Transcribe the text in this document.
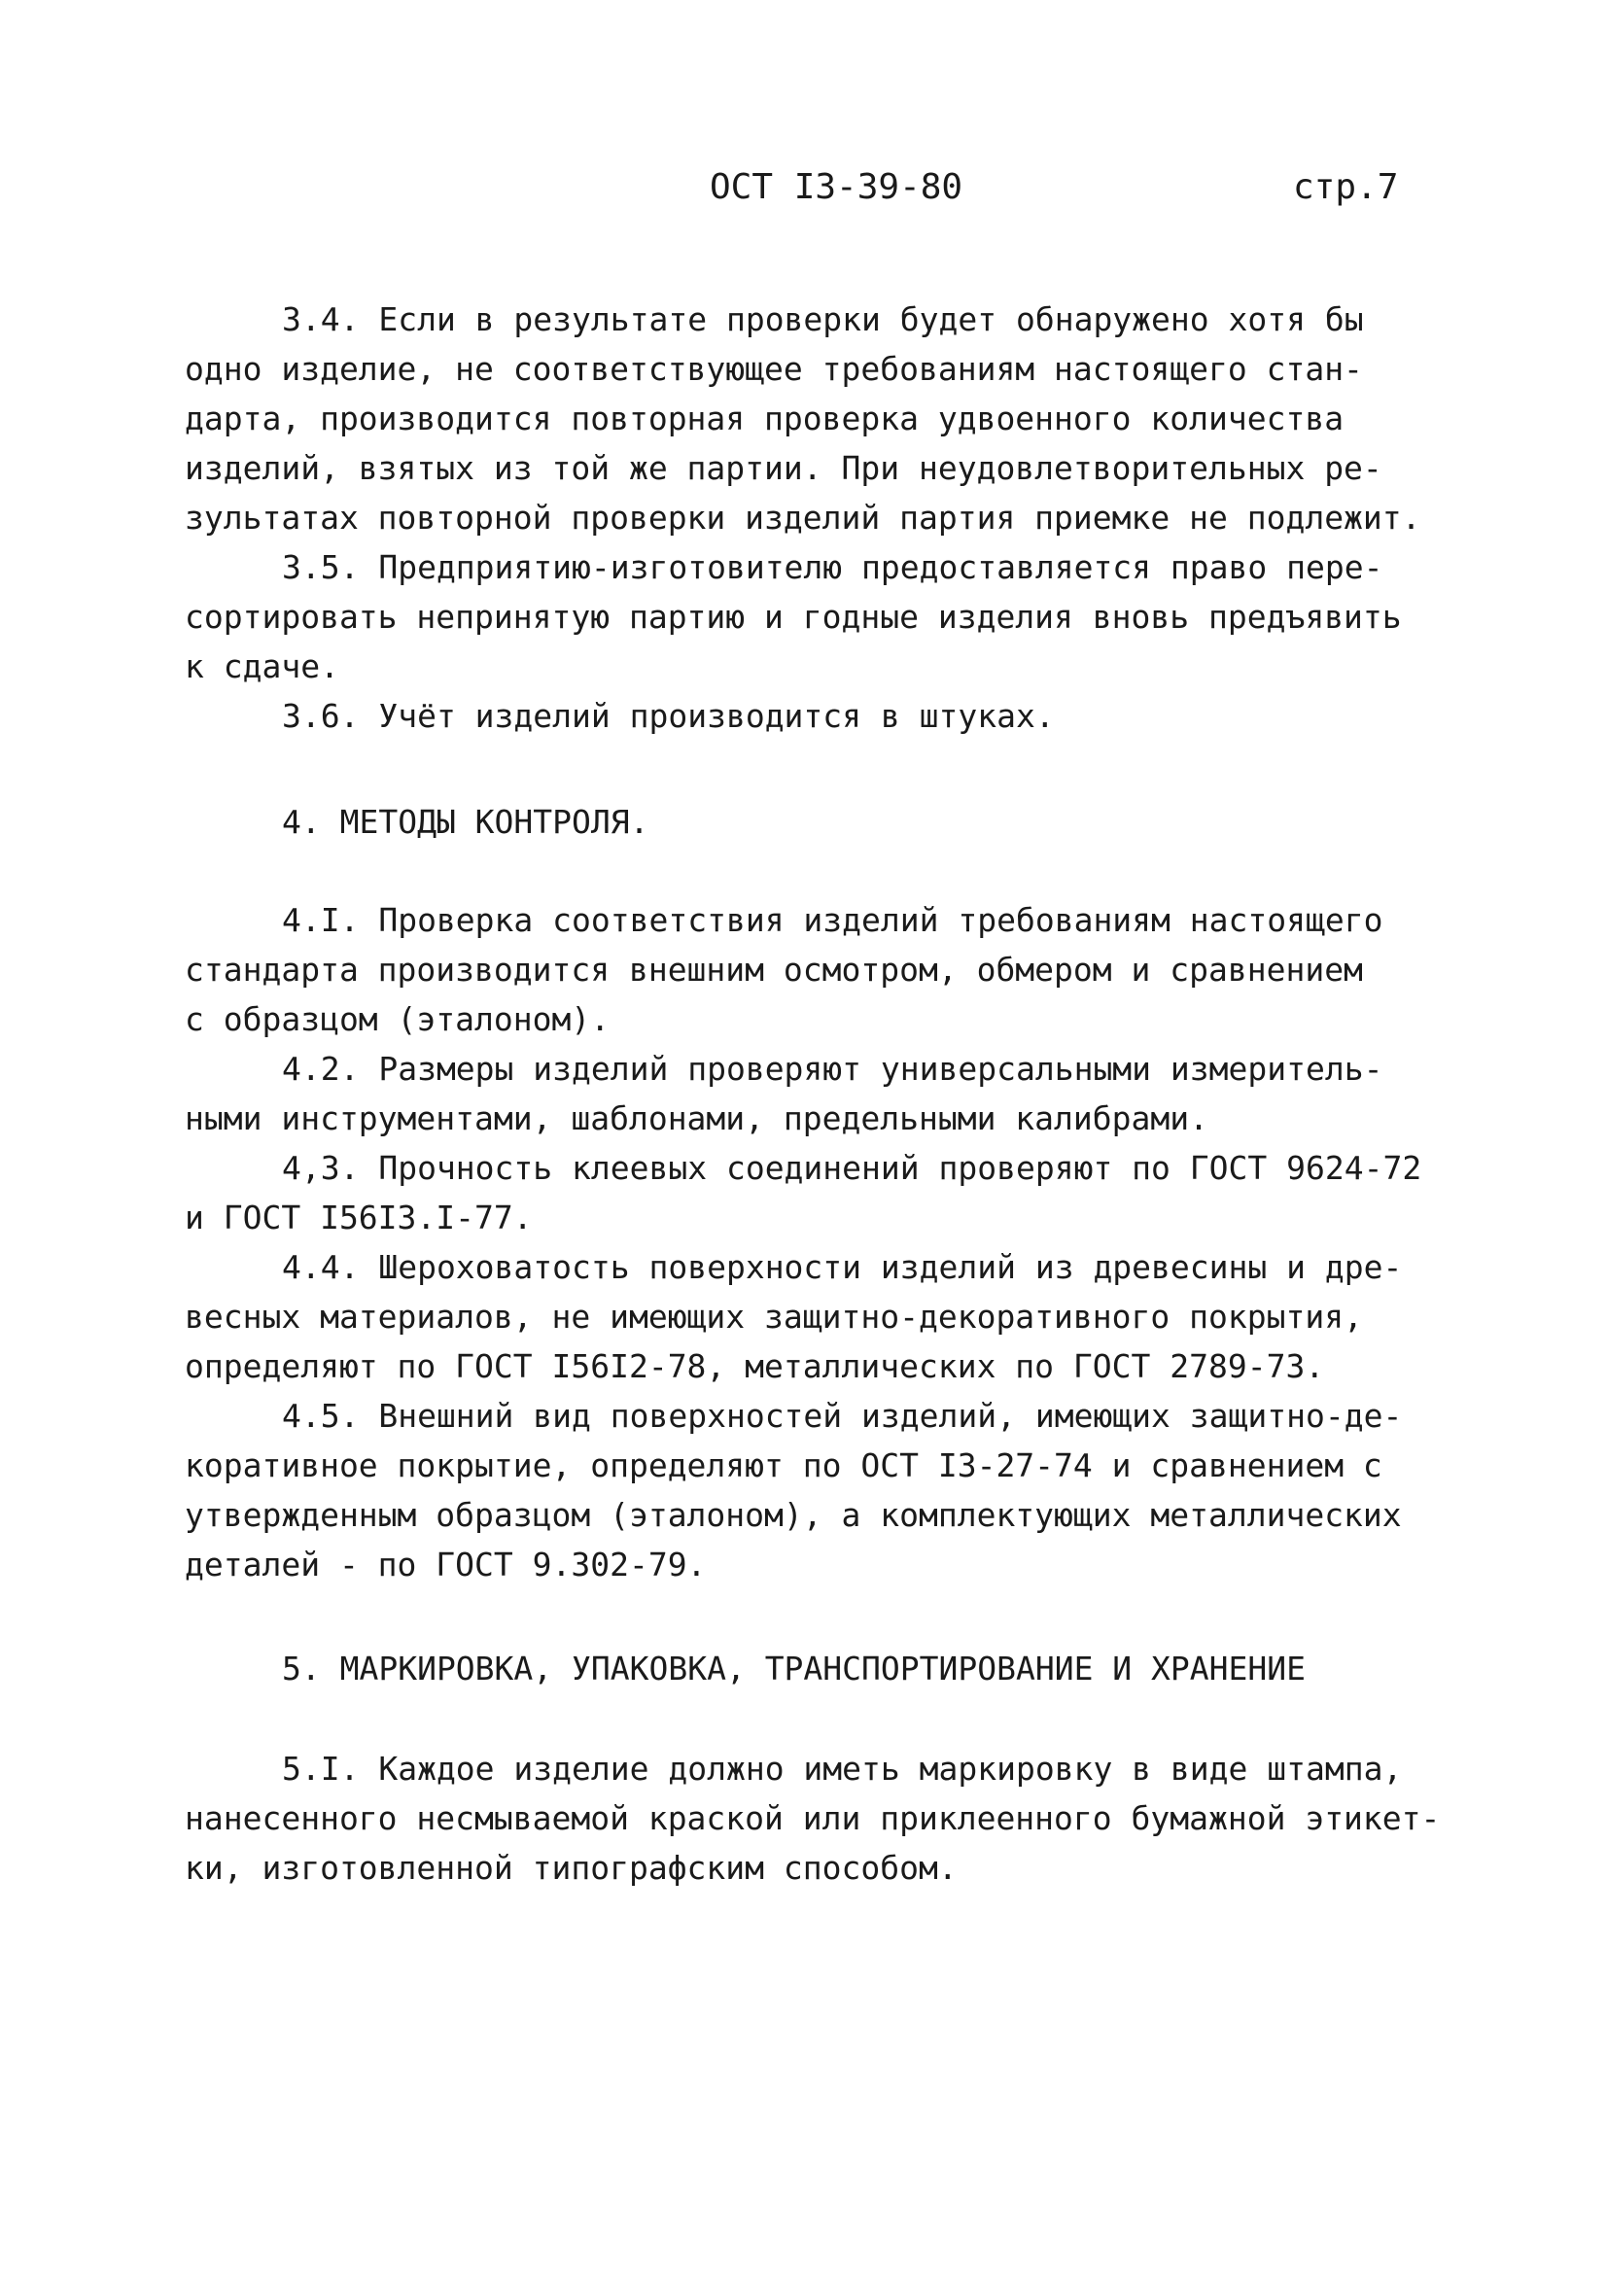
ОСТ I3-39-80	стр.7
3.4. Если в результате проверки будет обнаружено хотя бы
одно изделие, не соответствующее требованиям настоящего стан-
дарта, производится повторная проверка удвоенного количества
изделий, взятых из той же партии. При неудовлетворительных ре-
зультатах повторной проверки изделий партия приемке не подлежит.
3.5. Предприятию-изготовителю предоставляется право пере-
сортировать непринятую партию и годные изделия вновь предъявить
к сдаче.
3.6. Учёт изделий производится в штуках.
4. МЕТОДЫ КОНТРОЛЯ.
4.I. Проверка соответствия изделий требованиям настоящего
стандарта производится внешним осмотром, обмером и сравнением
с образцом (эталоном).
4.2. Размеры изделий проверяют универсальными измеритель-
ными инструментами, шаблонами, предельными калибрами.
4,3. Прочность клеевых соединений проверяют по ГОСТ 9624-72
и ГОСТ I56I3.I-77.
4.4. Шероховатость поверхности изделий из древесины и дре-
весных материалов, не имеющих защитно-декоративного покрытия,
определяют по ГОСТ I56I2-78, металлических по ГОСТ 2789-73.
4.5. Внешний вид поверхностей изделий, имеющих защитно-де-
коративное покрытие, определяют по ОСТ I3-27-74 и сравнением с
утвержденным образцом (эталоном), а комплектующих металлических
деталей - по ГОСТ 9.302-79.
5. МАРКИРОВКА, УПАКОВКА, ТРАНСПОРТИРОВАНИЕ И ХРАНЕНИЕ
5.I. Каждое изделие должно иметь маркировку в виде штампа,
нанесенного несмываемой краской или приклеенного бумажной этикет-
ки, изготовленной типографским способом.
